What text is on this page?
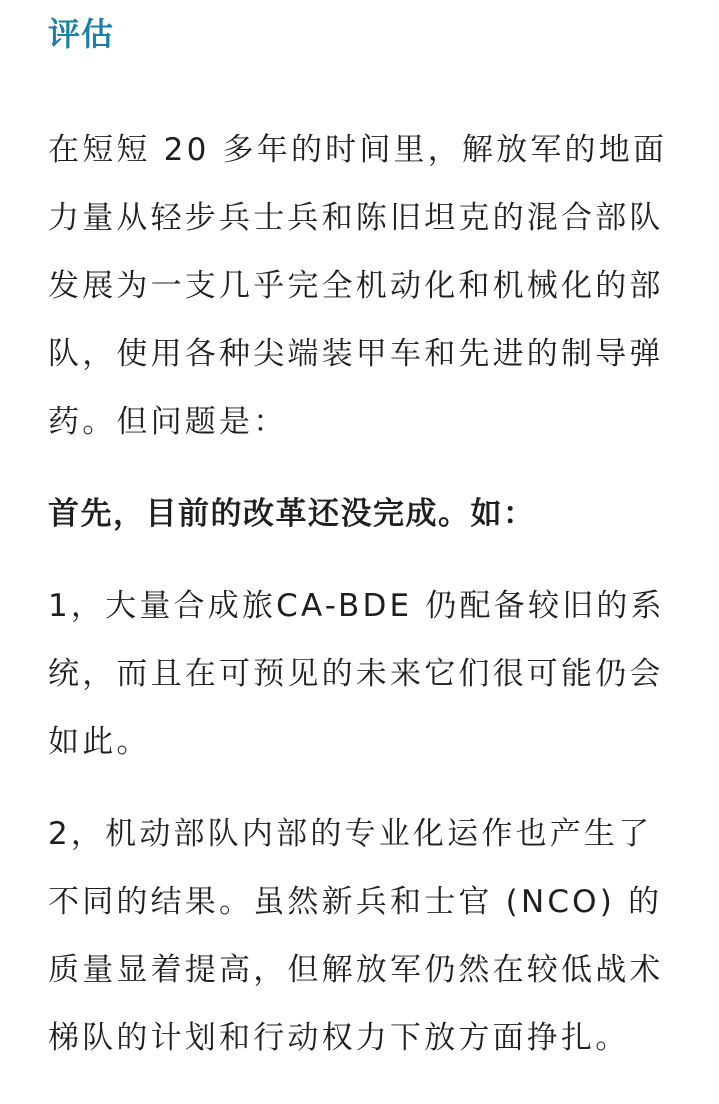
评估

在短短 20 多年的时间里，解放军的地面力量从轻步兵士兵和陈旧坦克的混合部队发展为一支几乎完全机动化和机械化的部队，使用各种尖端装甲车和先进的制导弹药。但问题是：

首先，目前的改革还没完成。如：

1，大量合成旅CA-BDE 仍配备较旧的系统，而且在可预见的未来它们很可能仍会如此。

2，机动部队内部的专业化运作也产生了不同的结果。虽然新兵和士官 (NCO) 的质量显着提高，但解放军仍然在较低战术梯队的计划和行动权力下放方面挣扎。
